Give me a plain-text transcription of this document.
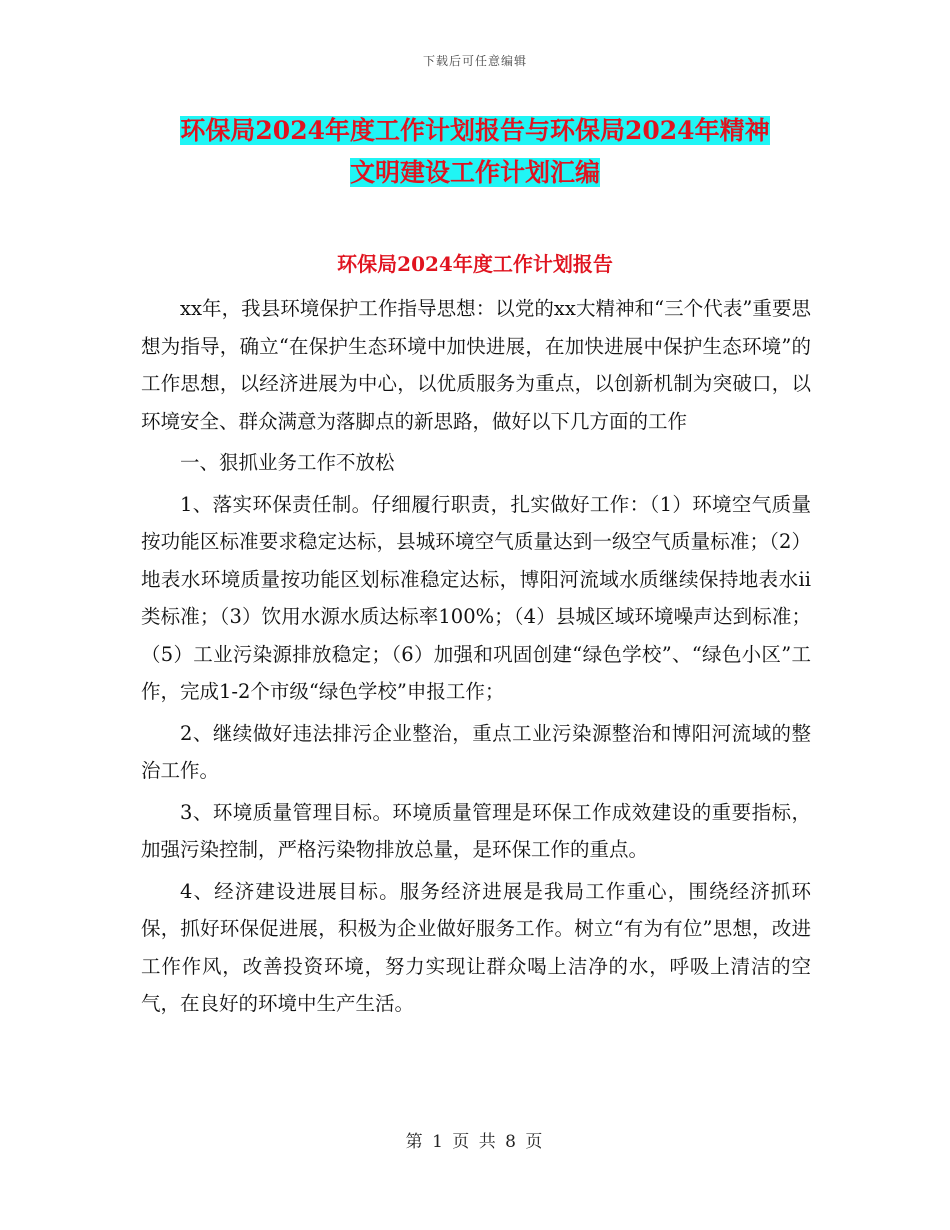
下载后可任意编辑
环保局2024年度工作计划报告与环保局2024年精神
文明建设工作计划汇编
环保局2024年度工作计划报告

xx年，我县环境保护工作指导思想：以党的xx大精神和“三个代表”重要思想为指导，确立“在保护生态环境中加快进展，在加快进展中保护生态环境”的工作思想，以经济进展为中心，以优质服务为重点，以创新机制为突破口，以环境安全、群众满意为落脚点的新思路，做好以下几方面的工作

一、狠抓业务工作不放松

1、落实环保责任制。仔细履行职责，扎实做好工作：（1）环境空气质量按功能区标准要求稳定达标，县城环境空气质量达到一级空气质量标准；（2）地表水环境质量按功能区划标准稳定达标，博阳河流域水质继续保持地表水ii类标准；（3）饮用水源水质达标率100%；（4）县城区域环境噪声达到标准；（5）工业污染源排放稳定；（6）加强和巩固创建“绿色学校”、“绿色小区”工作，完成1-2个市级“绿色学校”申报工作；

2、继续做好违法排污企业整治，重点工业污染源整治和博阳河流域的整治工作。

3、环境质量管理目标。环境质量管理是环保工作成效建设的重要指标，加强污染控制，严格污染物排放总量，是环保工作的重点。

4、经济建设进展目标。服务经济进展是我局工作重心，围绕经济抓环保，抓好环保促进展，积极为企业做好服务工作。树立“有为有位”思想，改进工作作风，改善投资环境，努力实现让群众喝上洁净的水，呼吸上清洁的空气，在良好的环境中生产生活。

第 1 页 共 8 页
